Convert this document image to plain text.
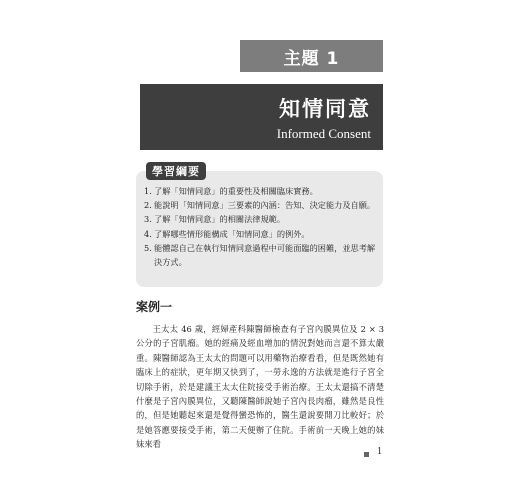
主題 1
知情同意
Informed Consent
學習綱要
1. 了解「知情同意」的重要性及相關臨床實務。
2. 能說明「知情同意」三要素的內涵：告知、決定能力及自願。
3. 了解「知情同意」的相關法律規範。
4. 了解哪些情形能構成「知情同意」的例外。
5. 能體認自己在執行知情同意過程中可能面臨的困難，並思考解決方式。
案例一

王太太 46 歲，經婦產科陳醫師檢查有子宮內膜異位及 2 × 3 公分的子宮肌瘤。她的經痛及經血增加的情況對她而言還不算太嚴重。陳醫師認為王太太的問題可以用藥物治療看看，但是既然她有臨床上的症狀，更年期又快到了，一勞永逸的方法就是進行子宮全切除手術，於是建議王太太住院接受手術治療。王太太還搞不清楚什麼是子宮內膜異位，又聽陳醫師說她子宮內長肉瘤，雖然是良性的，但是她聽起來還是覺得蠻恐怖的，醫生還說要開刀比較好；於是她答應要接受手術，第二天便辦了住院。手術前一天晚上她的妹妹來看

1
